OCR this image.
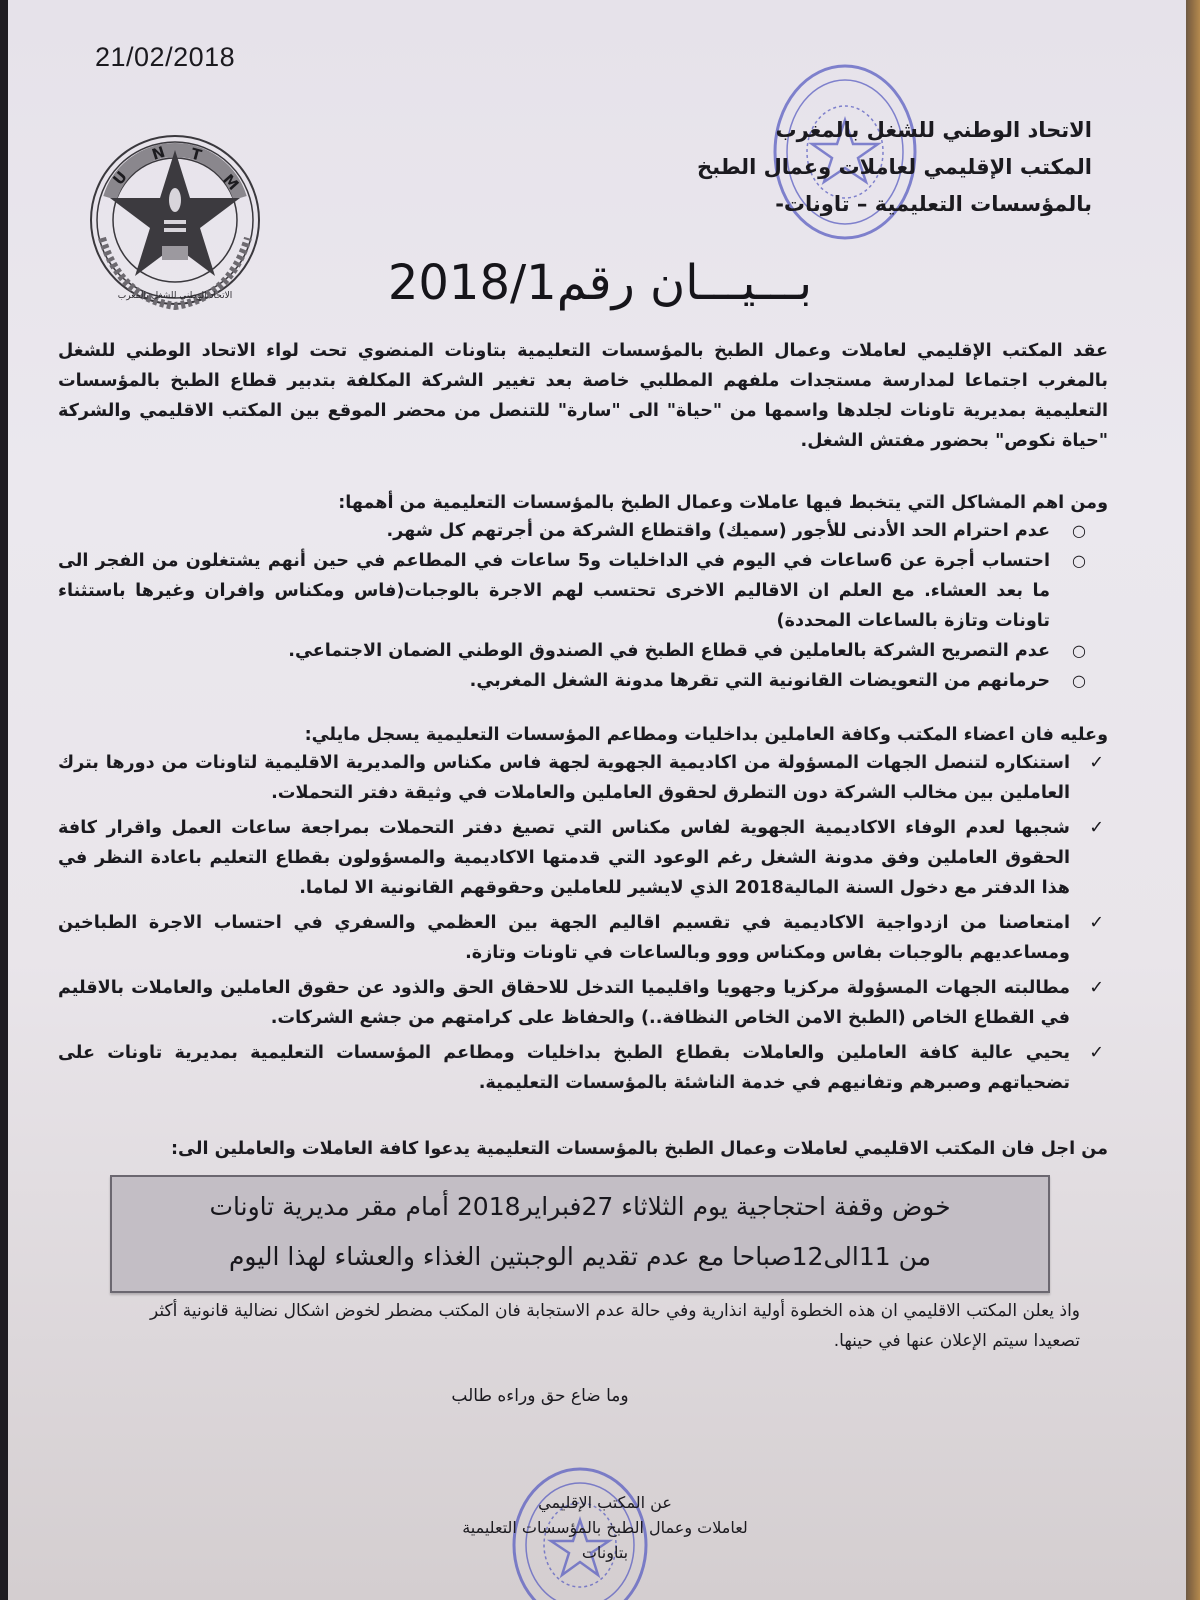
21/02/2018
U
N T
M
الاتحاد الوطني للشغل بالمغرب
الاتحاد الوطني للشغل بالمغرب
المكتب الإقليمي لعاملات وعمال الطبخ
بالمؤسسات التعليمية – تاونات-
بـــيـــان رقم2018/1
عقد المكتب الإقليمي لعاملات وعمال الطبخ بالمؤسسات التعليمية بتاونات المنضوي تحت لواء الاتحاد الوطني للشغل بالمغرب اجتماعا لمدارسة مستجدات ملفهم المطلبي خاصة بعد تغيير الشركة المكلفة بتدبير قطاع الطبخ بالمؤسسات التعليمية بمديرية تاونات لجلدها واسمها من "حياة" الى "سارة" للتنصل من محضر الموقع بين المكتب الاقليمي والشركة "حياة نكوص" بحضور مفتش الشغل.
ومن اهم المشاكل التي يتخبط فيها عاملات وعمال الطبخ بالمؤسسات التعليمية من أهمها:
○
عدم احترام الحد الأدنى للأجور (سميك) واقتطاع الشركة من أجرتهم كل شهر.
○
احتساب أجرة عن 6ساعات في اليوم في الداخليات و5 ساعات في المطاعم في حين أنهم يشتغلون من الفجر الى ما بعد العشاء. مع العلم ان الاقاليم الاخرى تحتسب لهم الاجرة بالوجبات(فاس ومكناس وافران وغيرها باستثناء تاونات وتازة بالساعات المحددة)
○
عدم التصريح الشركة بالعاملين في قطاع الطبخ في الصندوق الوطني الضمان الاجتماعي.
○
حرمانهم من التعويضات القانونية التي تقرها مدونة الشغل المغربي.
وعليه فان اعضاء المكتب وكافة العاملين بداخليات ومطاعم المؤسسات التعليمية يسجل مايلي:
✓
استنكاره لتنصل الجهات المسؤولة من اكاديمية الجهوية لجهة فاس مكناس والمديرية الاقليمية لتاونات من دورها بترك العاملين بين مخالب الشركة دون التطرق لحقوق العاملين والعاملات في وثيقة دفتر التحملات.
✓
شجبها لعدم الوفاء الاكاديمية الجهوية لفاس مكناس التي تصيغ دفتر التحملات بمراجعة ساعات العمل واقرار كافة الحقوق العاملين وفق مدونة الشغل رغم الوعود التي قدمتها الاكاديمية والمسؤولون بقطاع التعليم باعادة النظر في هذا الدفتر مع دخول السنة المالية2018 الذي لايشير للعاملين وحقوقهم القانونية الا لماما.
✓
امتعاصنا من ازدواجية الاكاديمية في تقسيم اقاليم الجهة بين العظمي والسفري في احتساب الاجرة الطباخين ومساعديهم بالوجبات بفاس ومكناس ووو وبالساعات في تاونات وتازة.
✓
مطالبته الجهات المسؤولة مركزيا وجهويا واقليميا التدخل للاحقاق الحق والذود عن حقوق العاملين والعاملات بالاقليم في القطاع الخاص (الطبخ الامن الخاص النظافة..) والحفاظ على كرامتهم من جشع الشركات.
✓
يحيي عالية كافة العاملين والعاملات بقطاع الطبخ بداخليات ومطاعم المؤسسات التعليمية بمديرية تاونات على تضحياتهم وصبرهم وتفانيهم في خدمة الناشئة بالمؤسسات التعليمية.
من اجل فان المكتب الاقليمي لعاملات وعمال الطبخ بالمؤسسات التعليمية يدعوا كافة العاملات والعاملين الى:
خوض وقفة احتجاجية يوم الثلاثاء 27فبراير2018 أمام مقر مديرية تاونات
من 11الى12صباحا مع عدم تقديم الوجبتين الغذاء والعشاء لهذا اليوم
واذ يعلن المكتب الاقليمي ان هذه الخطوة أولية انذارية وفي حالة عدم الاستجابة فان المكتب مضطر لخوض اشكال نضالية قانونية أكثر تصعيدا سيتم الإعلان عنها في حينها.
وما ضاع حق وراءه طالب
عن المكتب الإقليمي
لعاملات وعمال الطبخ بالمؤسسات التعليمية
بتاونات
